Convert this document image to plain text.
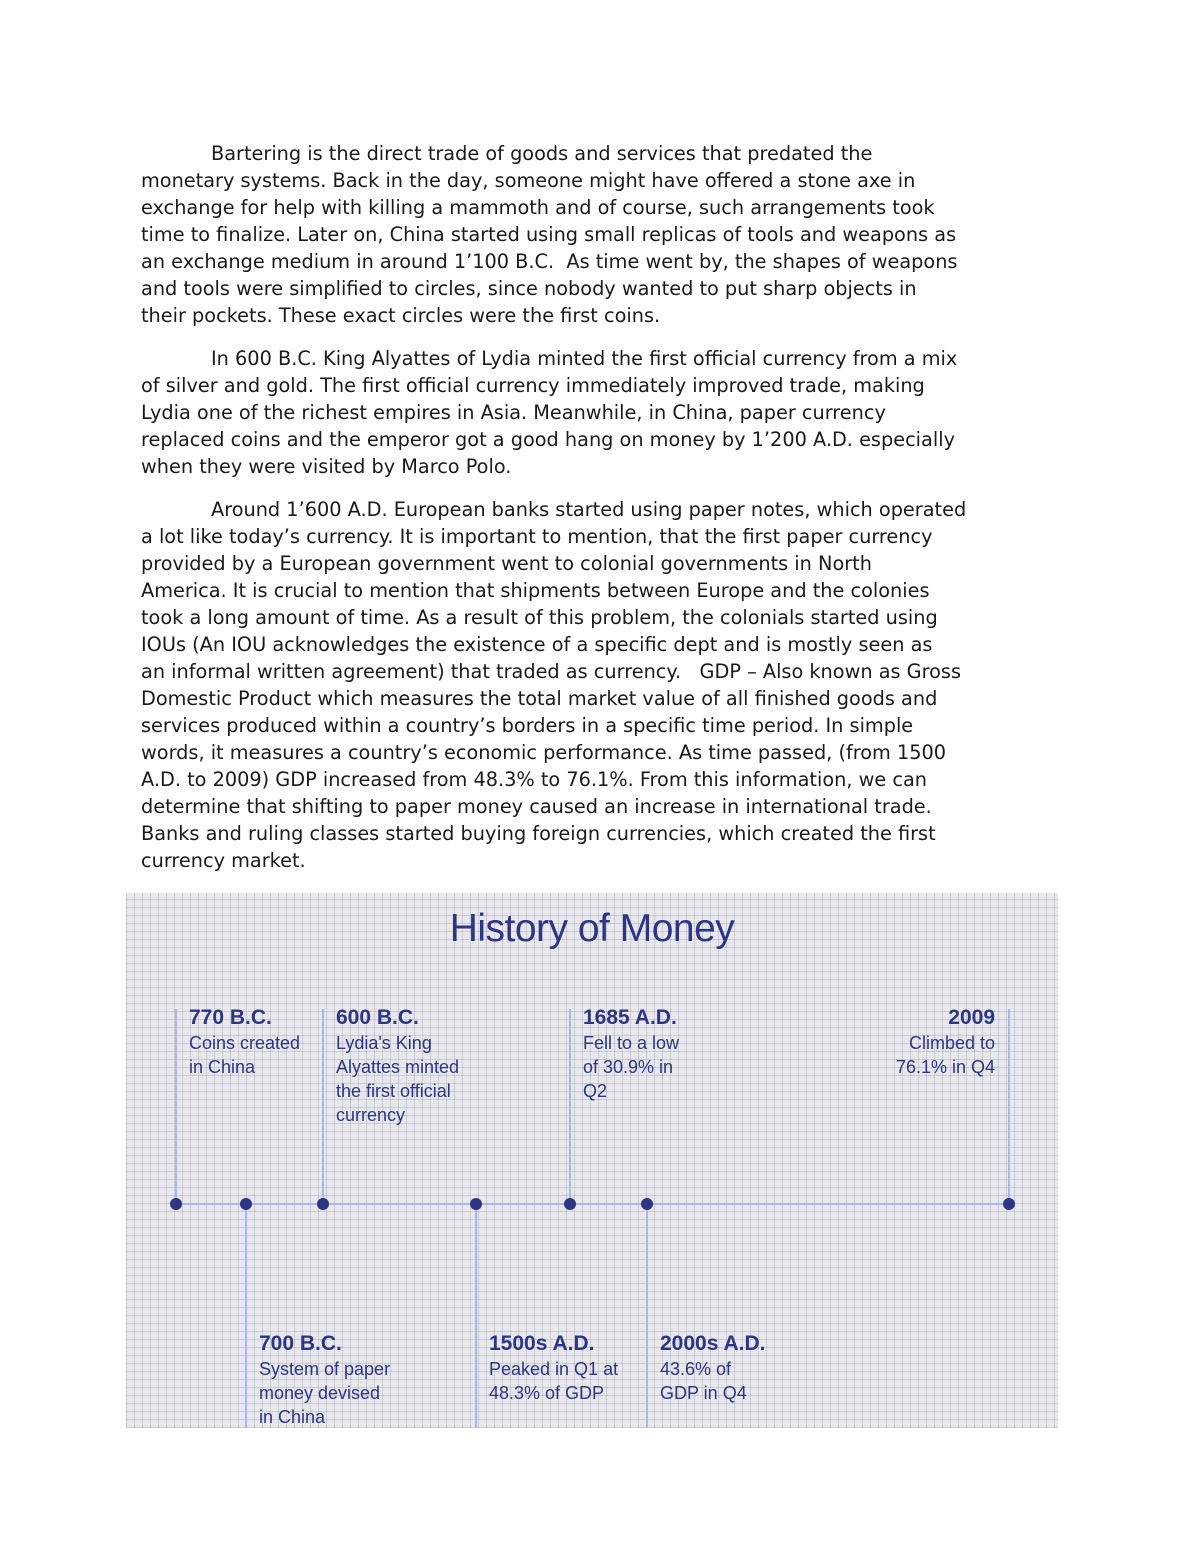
Bartering is the direct trade of goods and services that predated the
monetary systems. Back in the day, someone might have offered a stone axe in
exchange for help with killing a mammoth and of course, such arrangements took
time to finalize. Later on, China started using small replicas of tools and weapons as
an exchange medium in around 1’100 B.C.  As time went by, the shapes of weapons
and tools were simplified to circles, since nobody wanted to put sharp objects in
their pockets. These exact circles were the first coins.
In 600 B.C. King Alyattes of Lydia minted the first official currency from a mix
of silver and gold. The first official currency immediately improved trade, making
Lydia one of the richest empires in Asia. Meanwhile, in China, paper currency
replaced coins and the emperor got a good hang on money by 1’200 A.D. especially
when they were visited by Marco Polo.
Around 1’600 A.D. European banks started using paper notes, which operated
a lot like today’s currency. It is important to mention, that the first paper currency
provided by a European government went to colonial governments in North
America. It is crucial to mention that shipments between Europe and the colonies
took a long amount of time. As a result of this problem, the colonials started using
IOUs (An IOU acknowledges the existence of a specific dept and is mostly seen as
an informal written agreement) that traded as currency.   GDP – Also known as Gross
Domestic Product which measures the total market value of all finished goods and
services produced within a country’s borders in a specific time period. In simple
words, it measures a country’s economic performance. As time passed, (from 1500
A.D. to 2009) GDP increased from 48.3% to 76.1%. From this information, we can
determine that shifting to paper money caused an increase in international trade.
Banks and ruling classes started buying foreign currencies, which created the first
currency market.
History of Money
770 B.C.
Coins created
in China
700 B.C.
System of paper
money devised
in China
600 B.C.
Lydia's King
Alyattes minted
the first official
currency
1500s A.D.
Peaked in Q1 at
48.3% of GDP
1685 A.D.
Fell to a low
of 30.9% in
Q2
2000s A.D.
43.6% of
GDP in Q4
2009
Climbed to
76.1% in Q4
